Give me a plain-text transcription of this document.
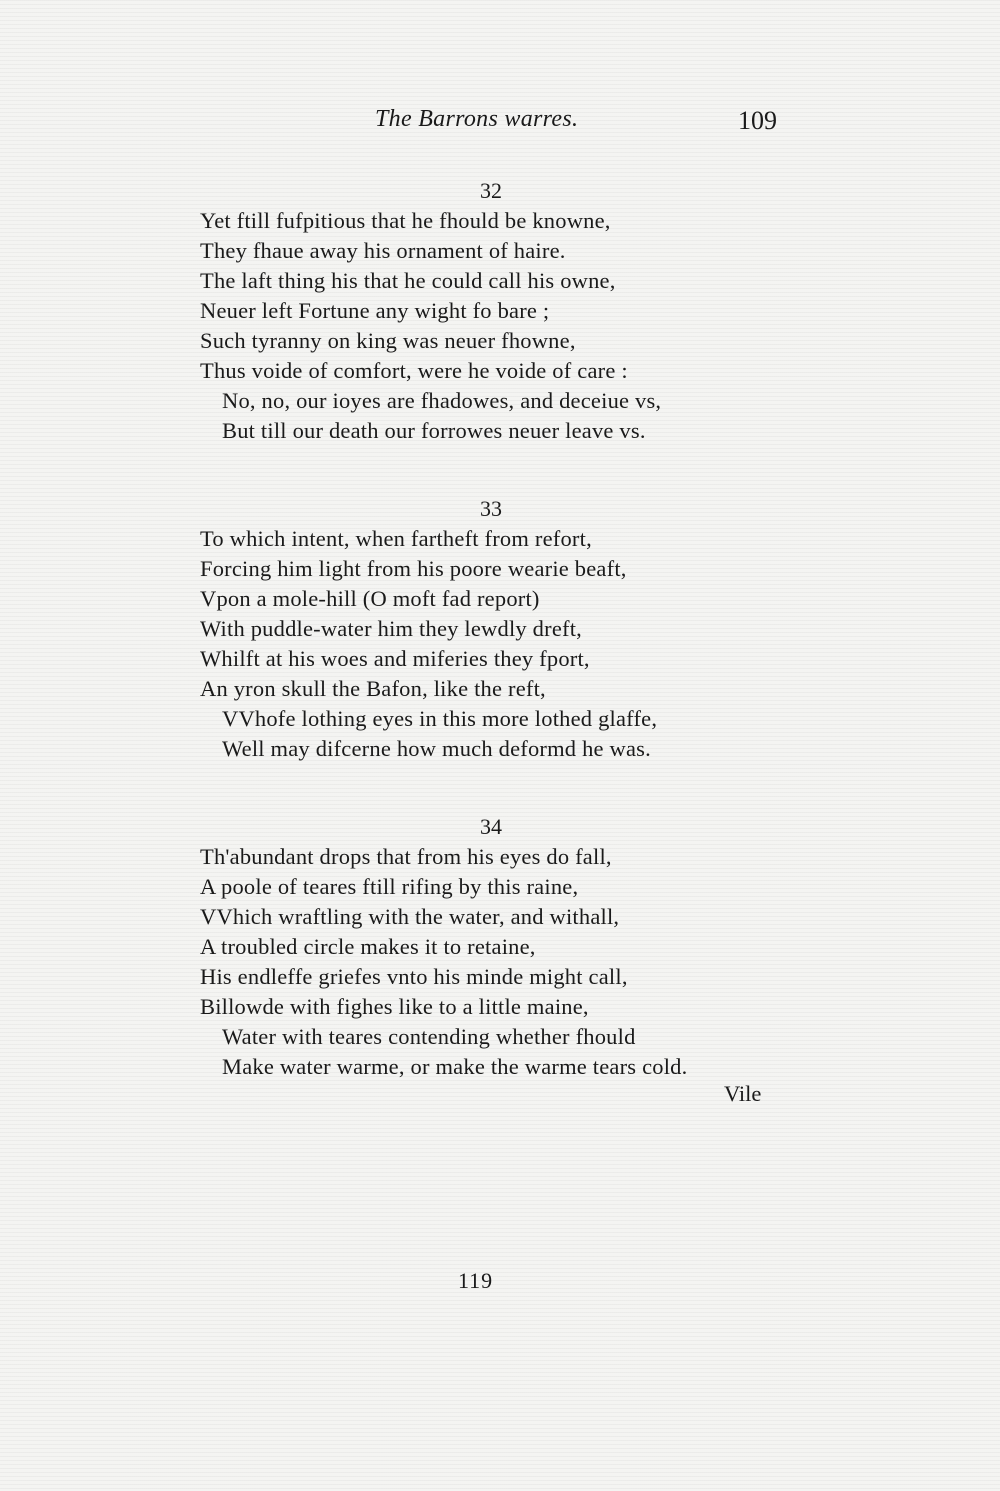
The Barrons warres.	109
32
Yet ftill fufpitious that he fhould be knowne,
They fhaue away his ornament of haire.
The laft thing his that he could call his owne,
Neuer left Fortune any wight fo bare ;
Such tyranny on king was neuer fhowne,
Thus voide of comfort, were he voide of care :
No, no, our ioyes are fhadowes, and deceiue vs,
But till our death our forrowes neuer leave vs.
33
To which intent, when fartheft from refort,
Forcing him light from his poore wearie beaft,
Vpon a mole-hill (O moft fad report)
With puddle-water him they lewdly dreft,
Whilft at his woes and miferies they fport,
An yron skull the Bafon, like the reft,
VVhofe lothing eyes in this more lothed glaffe,
Well may difcerne how much deformd he was.
34
Th'abundant drops that from his eyes do fall,
A poole of teares ftill rifing by this raine,
VVhich wraftling with the water, and withall,
A troubled circle makes it to retaine,
His endleffe griefes vnto his minde might call,
Billowde with fighes like to a little maine,
Water with teares contending whether fhould
Make water warme, or make the warme tears cold.
Vile
119
